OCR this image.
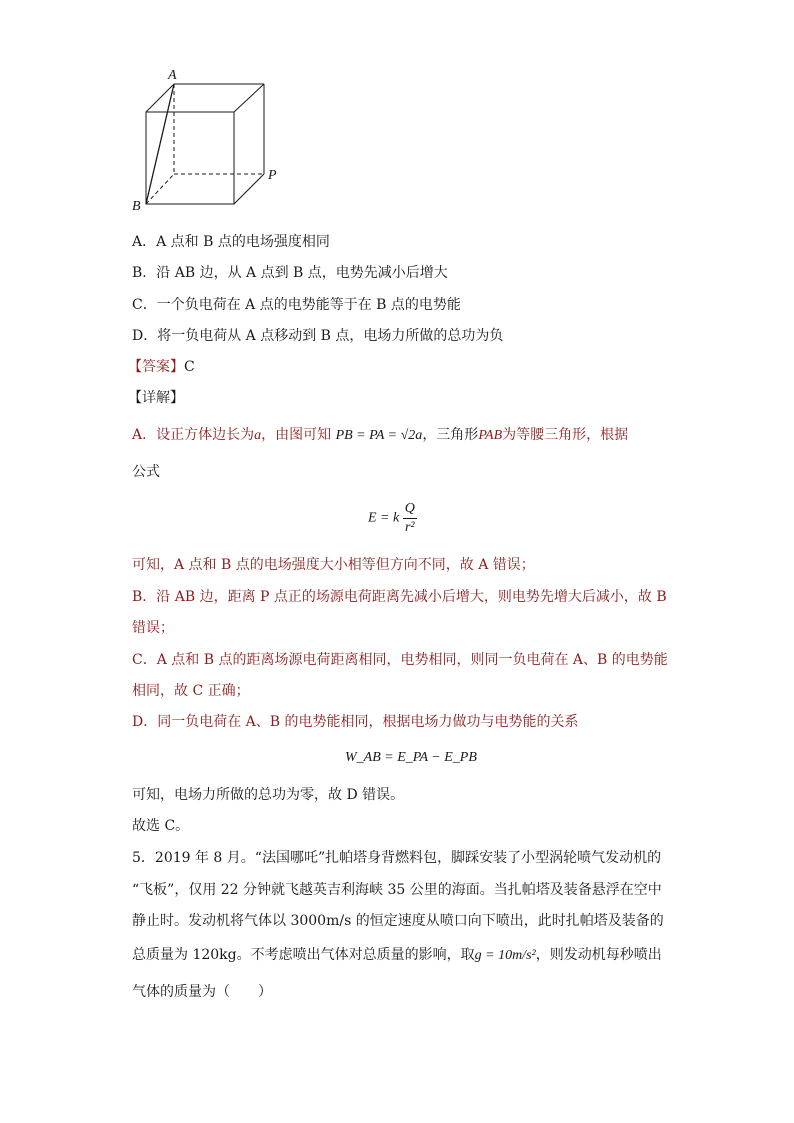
A
B
P
A．A 点和 B 点的电场强度相同
B．沿 AB 边，从 A 点到 B 点，电势先减小后增大
C．一个负电荷在 A 点的电势能等于在 B 点的电势能
D．将一负电荷从 A 点移动到 B 点，电场力所做的总功为负
【答案】C
【详解】
A．设正方体边长为a，由图可知 PB = PA = √2a，三角形PAB为等腰三角形，根据
公式
E = k $\frac{Q}{\text{r²}}$
可知，A 点和 B 点的电场强度大小相等但方向不同，故 A 错误；
B．沿 AB 边，距离 P 点正的场源电荷距离先减小后增大，则电势先增大后减小，故 B
错误；
C．A 点和 B 点的距离场源电荷距离相同，电势相同，则同一负电荷在 A、B 的电势能
相同，故 C 正确；
D．同一负电荷在 A、B 的电势能相同，根据电场力做功与电势能的关系
W_AB = E_PA − E_PB
可知，电场力所做的总功为零，故 D 错误。
故选 C。
5．2019 年 8 月。“法国哪吒”扎帕塔身背燃料包，脚踩安装了小型涡轮喷气发动机的
“飞板”，仅用 22 分钟就飞越英吉利海峡 35 公里的海面。当扎帕塔及装备悬浮在空中
静止时。发动机将气体以 3000m/s 的恒定速度从喷口向下喷出，此时扎帕塔及装备的
总质量为 120kg。不考虑喷出气体对总质量的影响，取g = 10m/s²，则发动机每秒喷出
气体的质量为（　　）
